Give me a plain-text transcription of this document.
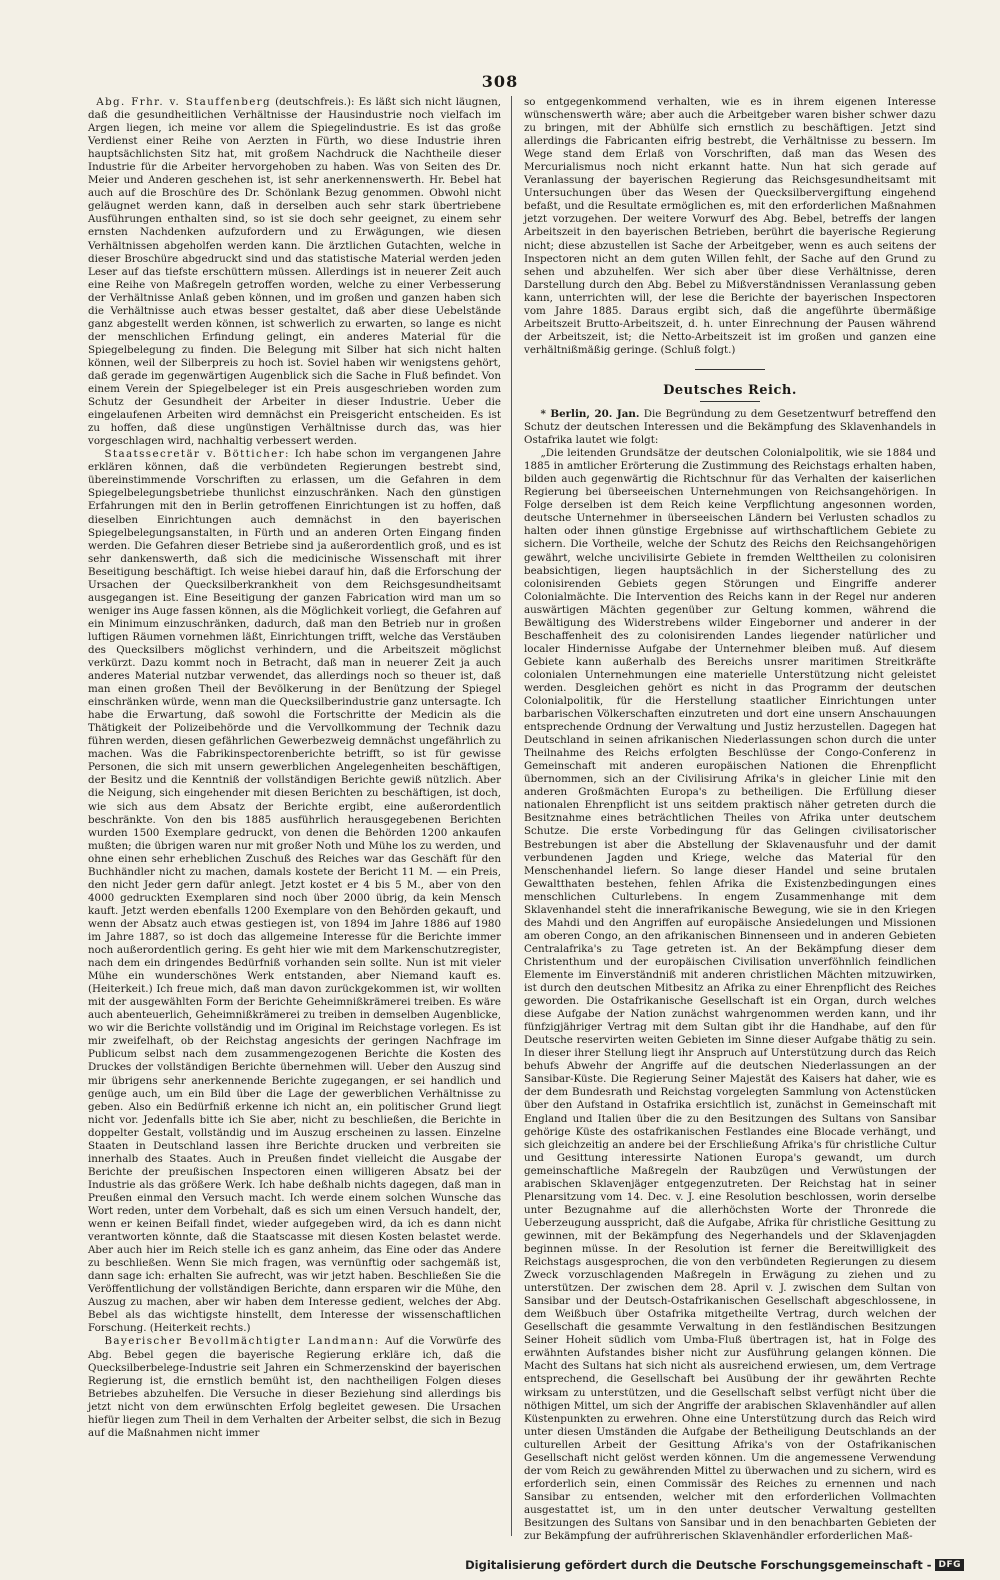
308

Abg. Frhr. v. Stauffenberg (deutschfreis.): Es läßt sich nicht läugnen, daß die gesundheitlichen Verhältnisse der Hausindustrie noch vielfach im Argen liegen, ich meine vor allem die Spiegelindustrie. Es ist das große Verdienst einer Reihe von Aerzten in Fürth, wo diese Industrie ihren hauptsächlichsten Sitz hat, mit großem Nachdruck die Nachtheile dieser Industrie für die Arbeiter hervorgehoben zu haben. Was von Seiten des Dr. Meier und Anderen geschehen ist, ist sehr anerkennenswerth. Hr. Bebel hat auch auf die Broschüre des Dr. Schönlank Bezug genommen. Obwohl nicht geläugnet werden kann, daß in derselben auch sehr stark übertriebene Ausführungen enthalten sind, so ist sie doch sehr geeignet, zu einem sehr ernsten Nachdenken aufzufordern und zu Erwägungen, wie diesen Verhältnissen abgeholfen werden kann. Die ärztlichen Gutachten, welche in dieser Broschüre abgedruckt sind und das statistische Material werden jeden Leser auf das tiefste erschüttern müssen. Allerdings ist in neuerer Zeit auch eine Reihe von Maßregeln getroffen worden, welche zu einer Verbesserung der Verhältnisse Anlaß geben können, und im großen und ganzen haben sich die Verhältnisse auch etwas besser gestaltet, daß aber diese Uebelstände ganz abgestellt werden können, ist schwerlich zu erwarten, so lange es nicht der menschlichen Erfindung gelingt, ein anderes Material für die Spiegelbelegung zu finden. Die Belegung mit Silber hat sich nicht halten können, weil der Silberpreis zu hoch ist. Soviel haben wir wenigstens gehört, daß gerade im gegenwärtigen Augenblick sich die Sache in Fluß befindet. Von einem Verein der Spiegelbeleger ist ein Preis ausgeschrieben worden zum Schutz der Gesundheit der Arbeiter in dieser Industrie. Ueber die eingelaufenen Arbeiten wird demnächst ein Preisgericht entscheiden. Es ist zu hoffen, daß diese ungünstigen Verhältnisse durch das, was hier vorgeschlagen wird, nachhaltig verbessert werden.

Staatssecretär v. Bötticher: Ich habe schon im vergangenen Jahre erklären können, daß die verbündeten Regierungen bestrebt sind, übereinstimmende Vorschriften zu erlassen, um die Gefahren in dem Spiegelbelegungsbetriebe thunlichst einzuschränken. Nach den günstigen Erfahrungen mit den in Berlin getroffenen Einrichtungen ist zu hoffen, daß dieselben Einrichtungen auch demnächst in den bayerischen Spiegelbelegungsanstalten, in Fürth und an anderen Orten Eingang finden werden. Die Gefahren dieser Betriebe sind ja außerordentlich groß, und es ist sehr dankenswerth, daß sich die medicinische Wissenschaft mit ihrer Beseitigung beschäftigt. Ich weise hiebei darauf hin, daß die Erforschung der Ursachen der Quecksilberkrankheit von dem Reichsgesundheitsamt ausgegangen ist. Eine Beseitigung der ganzen Fabrication wird man um so weniger ins Auge fassen können, als die Möglichkeit vorliegt, die Gefahren auf ein Minimum einzuschränken, dadurch, daß man den Betrieb nur in großen luftigen Räumen vornehmen läßt, Einrichtungen trifft, welche das Verstäuben des Quecksilbers möglichst verhindern, und die Arbeitszeit möglichst verkürzt. Dazu kommt noch in Betracht, daß man in neuerer Zeit ja auch anderes Material nutzbar verwendet, das allerdings noch so theuer ist, daß man einen großen Theil der Bevölkerung in der Benützung der Spiegel einschränken würde, wenn man die Quecksilberindustrie ganz untersagte. Ich habe die Erwartung, daß sowohl die Fortschritte der Medicin als die Thätigkeit der Polizeibehörde und die Vervollkommung der Technik dazu führen werden, diesen gefährlichen Gewerbezweig demnächst ungefährlich zu machen. Was die Fabrikinspectorenberichte betrifft, so ist für gewisse Personen, die sich mit unsern gewerblichen Angelegenheiten beschäftigen, der Besitz und die Kenntniß der vollständigen Berichte gewiß nützlich. Aber die Neigung, sich eingehender mit diesen Berichten zu beschäftigen, ist doch, wie sich aus dem Absatz der Berichte ergibt, eine außerordentlich beschränkte. Von den bis 1885 ausführlich herausgegebenen Berichten wurden 1500 Exemplare gedruckt, von denen die Behörden 1200 ankaufen mußten; die übrigen waren nur mit großer Noth und Mühe los zu werden, und ohne einen sehr erheblichen Zuschuß des Reiches war das Geschäft für den Buchhändler nicht zu machen, damals kostete der Bericht 11 M. — ein Preis, den nicht Jeder gern dafür anlegt. Jetzt kostet er 4 bis 5 M., aber von den 4000 gedruckten Exemplaren sind noch über 2000 übrig, da kein Mensch kauft. Jetzt werden ebenfalls 1200 Exemplare von den Behörden gekauft, und wenn der Absatz auch etwas gestiegen ist, von 1894 im Jahre 1886 auf 1980 im Jahre 1887, so ist doch das allgemeine Interesse für die Berichte immer noch außerordentlich gering. Es geht hier wie mit dem Markenschutzregister, nach dem ein dringendes Bedürfniß vorhanden sein sollte. Nun ist mit vieler Mühe ein wunderschönes Werk entstanden, aber Niemand kauft es. (Heiterkeit.) Ich freue mich, daß man davon zurückgekommen ist, wir wollten mit der ausgewählten Form der Berichte Geheimnißkrämerei treiben. Es wäre auch abenteuerlich, Geheimnißkrämerei zu treiben in demselben Augenblicke, wo wir die Berichte vollständig und im Original im Reichstage vorlegen. Es ist mir zweifelhaft, ob der Reichstag angesichts der geringen Nachfrage im Publicum selbst nach dem zusammengezogenen Berichte die Kosten des Druckes der vollständigen Berichte übernehmen will. Ueber den Auszug sind mir übrigens sehr anerkennende Berichte zugegangen, er sei handlich und genüge auch, um ein Bild über die Lage der gewerblichen Verhältnisse zu geben. Also ein Bedürfniß erkenne ich nicht an, ein politischer Grund liegt nicht vor. Jedenfalls bitte ich Sie aber, nicht zu beschließen, die Berichte in doppelter Gestalt, vollständig und im Auszug erscheinen zu lassen. Einzelne Staaten in Deutschland lassen ihre Berichte drucken und verbreiten sie innerhalb des Staates. Auch in Preußen findet vielleicht die Ausgabe der Berichte der preußischen Inspectoren einen willigeren Absatz bei der Industrie als das größere Werk. Ich habe deßhalb nichts dagegen, daß man in Preußen einmal den Versuch macht. Ich werde einem solchen Wunsche das Wort reden, unter dem Vorbehalt, daß es sich um einen Versuch handelt, der, wenn er keinen Beifall findet, wieder aufgegeben wird, da ich es dann nicht verantworten könnte, daß die Staatscasse mit diesen Kosten belastet werde. Aber auch hier im Reich stelle ich es ganz anheim, das Eine oder das Andere zu beschließen. Wenn Sie mich fragen, was vernünftig oder sachgemäß ist, dann sage ich: erhalten Sie aufrecht, was wir jetzt haben. Beschließen Sie die Veröffentlichung der vollständigen Berichte, dann ersparen wir die Mühe, den Auszug zu machen, aber wir haben dem Interesse gedient, welches der Abg. Bebel als das wichtigste hinstellt, dem Interesse der wissenschaftlichen Forschung. (Heiterkeit rechts.)

Bayerischer Bevollmächtigter Landmann: Auf die Vorwürfe des Abg. Bebel gegen die bayerische Regierung erkläre ich, daß die Quecksilberbelege-Industrie seit Jahren ein Schmerzenskind der bayerischen Regierung ist, die ernstlich bemüht ist, den nachtheiligen Folgen dieses Betriebes abzuhelfen. Die Versuche in dieser Beziehung sind allerdings bis jetzt nicht von dem erwünschten Erfolg begleitet gewesen. Die Ursachen hiefür liegen zum Theil in dem Verhalten der Arbeiter selbst, die sich in Bezug auf die Maßnahmen nicht immer

so entgegenkommend verhalten, wie es in ihrem eigenen Interesse wünschenswerth wäre; aber auch die Arbeitgeber waren bisher schwer dazu zu bringen, mit der Abhülfe sich ernstlich zu beschäftigen. Jetzt sind allerdings die Fabricanten eifrig bestrebt, die Verhältnisse zu bessern. Im Wege stand dem Erlaß von Vorschriften, daß man das Wesen des Mercurialismus noch nicht erkannt hatte. Nun hat sich gerade auf Veranlassung der bayerischen Regierung das Reichsgesundheitsamt mit Untersuchungen über das Wesen der Quecksilbervergiftung eingehend befaßt, und die Resultate ermöglichen es, mit den erforderlichen Maßnahmen jetzt vorzugehen. Der weitere Vorwurf des Abg. Bebel, betreffs der langen Arbeitszeit in den bayerischen Betrieben, berührt die bayerische Regierung nicht; diese abzustellen ist Sache der Arbeitgeber, wenn es auch seitens der Inspectoren nicht an dem guten Willen fehlt, der Sache auf den Grund zu sehen und abzuhelfen. Wer sich aber über diese Verhältnisse, deren Darstellung durch den Abg. Bebel zu Mißverständnissen Veranlassung geben kann, unterrichten will, der lese die Berichte der bayerischen Inspectoren vom Jahre 1885. Daraus ergibt sich, daß die angeführte übermäßige Arbeitszeit Brutto-Arbeitszeit, d. h. unter Einrechnung der Pausen während der Arbeitszeit, ist; die Netto-Arbeitszeit ist im großen und ganzen eine verhältnißmäßig geringe. (Schluß folgt.)

Deutsches Reich.

* Berlin, 20. Jan. Die Begründung zu dem Gesetzentwurf betreffend den Schutz der deutschen Interessen und die Bekämpfung des Sklavenhandels in Ostafrika lautet wie folgt:

„Die leitenden Grundsätze der deutschen Colonialpolitik, wie sie 1884 und 1885 in amtlicher Erörterung die Zustimmung des Reichstags erhalten haben, bilden auch gegenwärtig die Richtschnur für das Verhalten der kaiserlichen Regierung bei überseeischen Unternehmungen von Reichsangehörigen. In Folge derselben ist dem Reich keine Verpflichtung angesonnen worden, deutsche Unternehmer in überseeischen Ländern bei Verlusten schadlos zu halten oder ihnen günstige Ergebnisse auf wirthschaftlichem Gebiete zu sichern. Die Vortheile, welche der Schutz des Reichs den Reichsangehörigen gewährt, welche uncivilisirte Gebiete in fremden Welttheilen zu colonisiren beabsichtigen, liegen hauptsächlich in der Sicherstellung des zu colonisirenden Gebiets gegen Störungen und Eingriffe anderer Colonialmächte. Die Intervention des Reichs kann in der Regel nur anderen auswärtigen Mächten gegenüber zur Geltung kommen, während die Bewältigung des Widerstrebens wilder Eingeborner und anderer in der Beschaffenheit des zu colonisirenden Landes liegender natürlicher und localer Hindernisse Aufgabe der Unternehmer bleiben muß. Auf diesem Gebiete kann außerhalb des Bereichs unsrer maritimen Streitkräfte colonialen Unternehmungen eine materielle Unterstützung nicht geleistet werden. Desgleichen gehört es nicht in das Programm der deutschen Colonialpolitik, für die Herstellung staatlicher Einrichtungen unter barbarischen Völkerschaften einzutreten und dort eine unsern Anschauungen entsprechende Ordnung der Verwaltung und Justiz herzustellen. Dagegen hat Deutschland in seinen afrikanischen Niederlassungen schon durch die unter Theilnahme des Reichs erfolgten Beschlüsse der Congo-Conferenz in Gemeinschaft mit anderen europäischen Nationen die Ehrenpflicht übernommen, sich an der Civilisirung Afrika's in gleicher Linie mit den anderen Großmächten Europa's zu betheiligen. Die Erfüllung dieser nationalen Ehrenpflicht ist uns seitdem praktisch näher getreten durch die Besitznahme eines beträchtlichen Theiles von Afrika unter deutschem Schutze. Die erste Vorbedingung für das Gelingen civilisatorischer Bestrebungen ist aber die Abstellung der Sklavenausfuhr und der damit verbundenen Jagden und Kriege, welche das Material für den Menschenhandel liefern. So lange dieser Handel und seine brutalen Gewaltthaten bestehen, fehlen Afrika die Existenzbedingungen eines menschlichen Culturlebens. In engem Zusammenhange mit dem Sklavenhandel steht die innerafrikanische Bewegung, wie sie in den Kriegen des Mahdi und den Angriffen auf europäische Ansiedelungen und Missionen am oberen Congo, an den afrikanischen Binnenseen und in anderen Gebieten Centralafrika's zu Tage getreten ist. An der Bekämpfung dieser dem Christenthum und der europäischen Civilisation unverföhnlich feindlichen Elemente im Einverständniß mit anderen christlichen Mächten mitzuwirken, ist durch den deutschen Mitbesitz an Afrika zu einer Ehrenpflicht des Reiches geworden. Die Ostafrikanische Gesellschaft ist ein Organ, durch welches diese Aufgabe der Nation zunächst wahrgenommen werden kann, und ihr fünfzigjähriger Vertrag mit dem Sultan gibt ihr die Handhabe, auf den für Deutsche reservirten weiten Gebieten im Sinne dieser Aufgabe thätig zu sein. In dieser ihrer Stellung liegt ihr Anspruch auf Unterstützung durch das Reich behufs Abwehr der Angriffe auf die deutschen Niederlassungen an der Sansibar-Küste. Die Regierung Seiner Majestät des Kaisers hat daher, wie es der dem Bundesrath und Reichstag vorgelegten Sammlung von Actenstücken über den Aufstand in Ostafrika ersichtlich ist, zunächst in Gemeinschaft mit England und Italien über die zu den Besitzungen des Sultans von Sansibar gehörige Küste des ostafrikanischen Festlandes eine Blocade verhängt, und sich gleichzeitig an andere bei der Erschließung Afrika's für christliche Cultur und Gesittung interessirte Nationen Europa's gewandt, um durch gemeinschaftliche Maßregeln der Raubzügen und Verwüstungen der arabischen Sklavenjäger entgegenzutreten. Der Reichstag hat in seiner Plenarsitzung vom 14. Dec. v. J. eine Resolution beschlossen, worin derselbe unter Bezugnahme auf die allerhöchsten Worte der Thronrede die Ueberzeugung ausspricht, daß die Aufgabe, Afrika für christliche Gesittung zu gewinnen, mit der Bekämpfung des Negerhandels und der Sklavenjagden beginnen müsse. In der Resolution ist ferner die Bereitwilligkeit des Reichstags ausgesprochen, die von den verbündeten Regierungen zu diesem Zweck vorzuschlagenden Maßregeln in Erwägung zu ziehen und zu unterstützen. Der zwischen dem 28. April v. J. zwischen dem Sultan von Sansibar und der Deutsch-Ostafrikanischen Gesellschaft abgeschlossene, in dem Weißbuch über Ostafrika mitgetheilte Vertrag, durch welchen der Gesellschaft die gesammte Verwaltung in den festländischen Besitzungen Seiner Hoheit südlich vom Umba-Fluß übertragen ist, hat in Folge des erwähnten Aufstandes bisher nicht zur Ausführung gelangen können. Die Macht des Sultans hat sich nicht als ausreichend erwiesen, um, dem Vertrage entsprechend, die Gesellschaft bei Ausübung der ihr gewährten Rechte wirksam zu unterstützen, und die Gesellschaft selbst verfügt nicht über die nöthigen Mittel, um sich der Angriffe der arabischen Sklavenhändler auf allen Küstenpunkten zu erwehren. Ohne eine Unterstützung durch das Reich wird unter diesen Umständen die Aufgabe der Betheiligung Deutschlands an der culturellen Arbeit der Gesittung Afrika's von der Ostafrikanischen Gesellschaft nicht gelöst werden können. Um die angemessene Verwendung der vom Reich zu gewährenden Mittel zu überwachen und zu sichern, wird es erforderlich sein, einen Commissär des Reiches zu ernennen und nach Sansibar zu entsenden, welcher mit den erforderlichen Vollmachten ausgestattet ist, um in den unter deutscher Verwaltung gestellten Besitzungen des Sultans von Sansibar und in den benachbarten Gebieten der zur Bekämpfung der aufrührerischen Sklavenhändler erforderlichen Maß-

Digitalisierung gefördert durch die Deutsche Forschungsgemeinschaft - DFG
